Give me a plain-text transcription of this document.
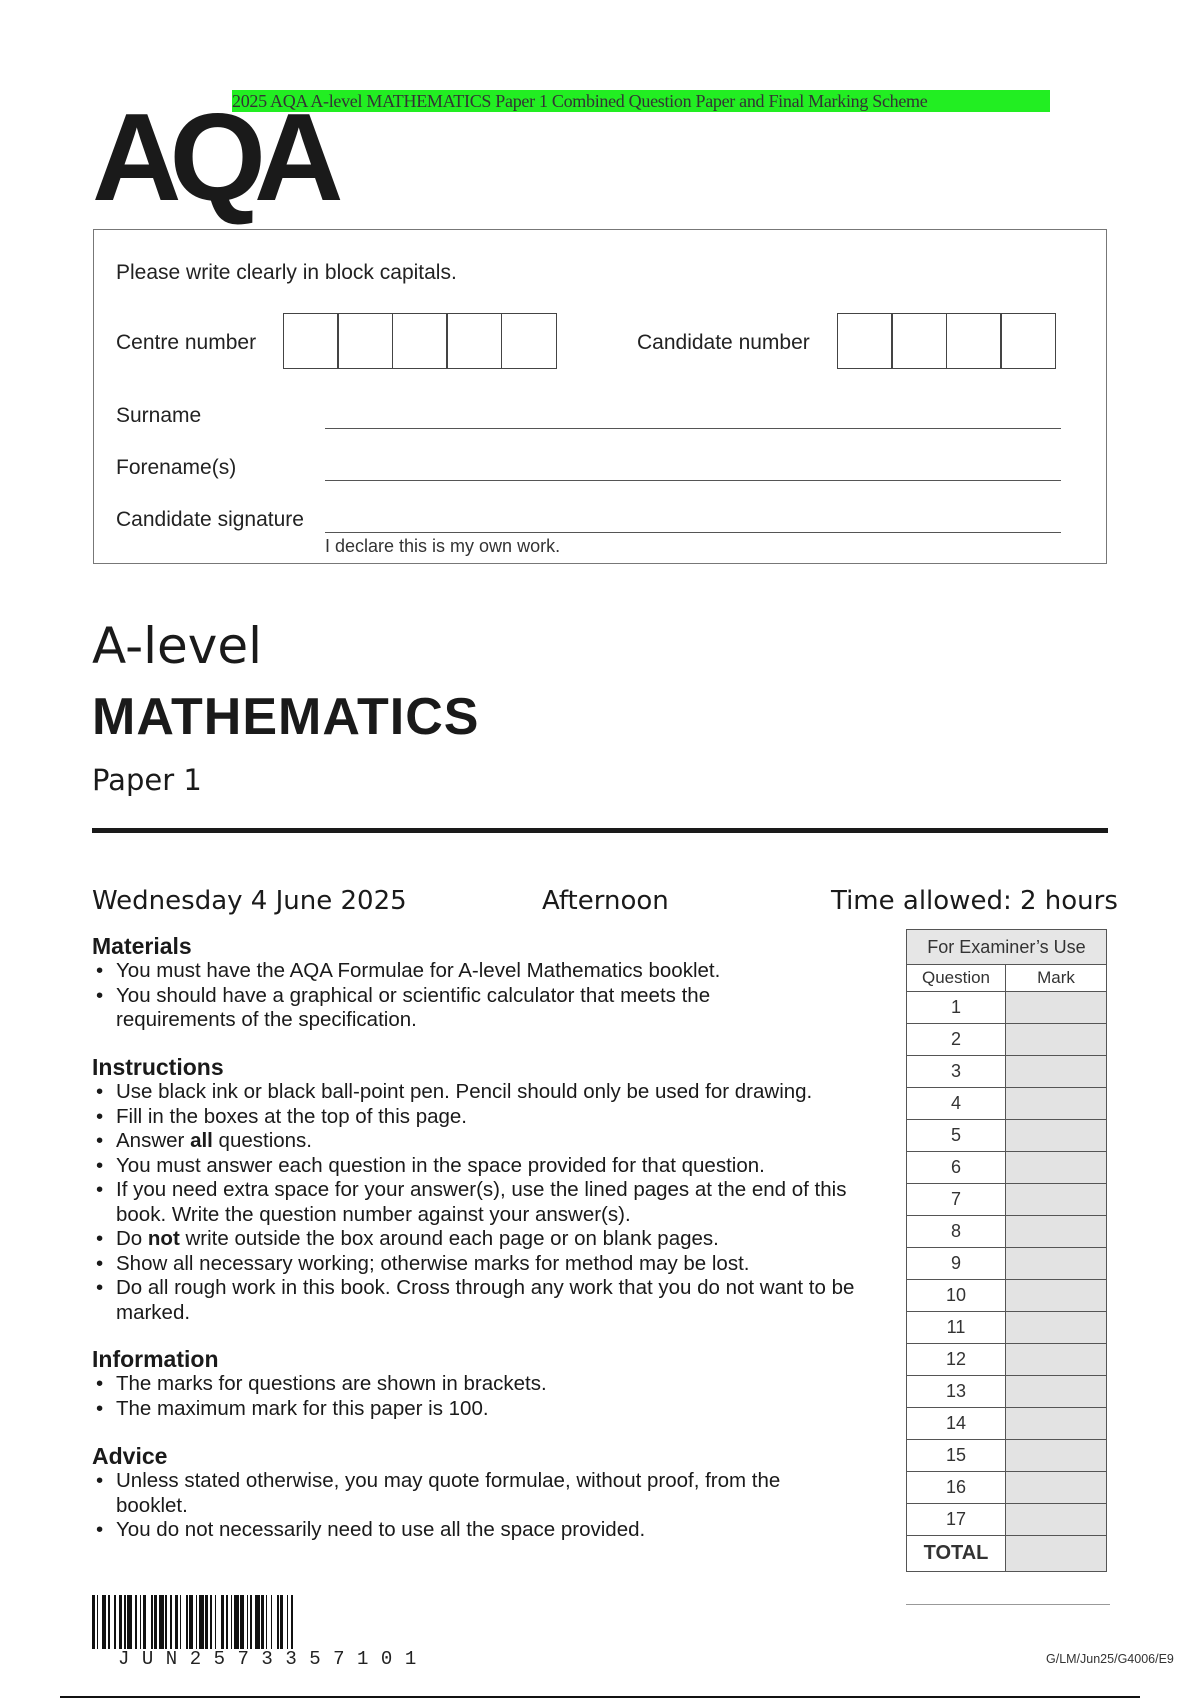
2025 AQA A-level MATHEMATICS Paper 1 Combined Question Paper and Final Marking Scheme
AQA
Please write clearly in block capitals.
Centre number	Candidate number
Surname
Forename(s)
Candidate signature
I declare this is my own work.
A-level
MATHEMATICS
Paper 1
Wednesday 4 June 2025	Afternoon	Time allowed: 2 hours
Materials
• You must have the AQA Formulae for A-level Mathematics booklet.
• You should have a graphical or scientific calculator that meets the requirements of the specification.
Instructions
• Use black ink or black ball-point pen. Pencil should only be used for drawing.
• Fill in the boxes at the top of this page.
• Answer all questions.
• You must answer each question in the space provided for that question.
• If you need extra space for your answer(s), use the lined pages at the end of this book. Write the question number against your answer(s).
• Do not write outside the box around each page or on blank pages.
• Show all necessary working; otherwise marks for method may be lost.
• Do all rough work in this book. Cross through any work that you do not want to be marked.
Information
• The marks for questions are shown in brackets.
• The maximum mark for this paper is 100.
Advice
• Unless stated otherwise, you may quote formulae, without proof, from the booklet.
• You do not necessarily need to use all the space provided.
For Examiner’s Use	
Question	Mark
1	
2	
3	
4	
5	
6	
7	
8	
9	
10	
11	
12	
13	
14	
15	
16	
17	
TOTAL	
JUN2573357101	G/LM/Jun25/G4006/E9
